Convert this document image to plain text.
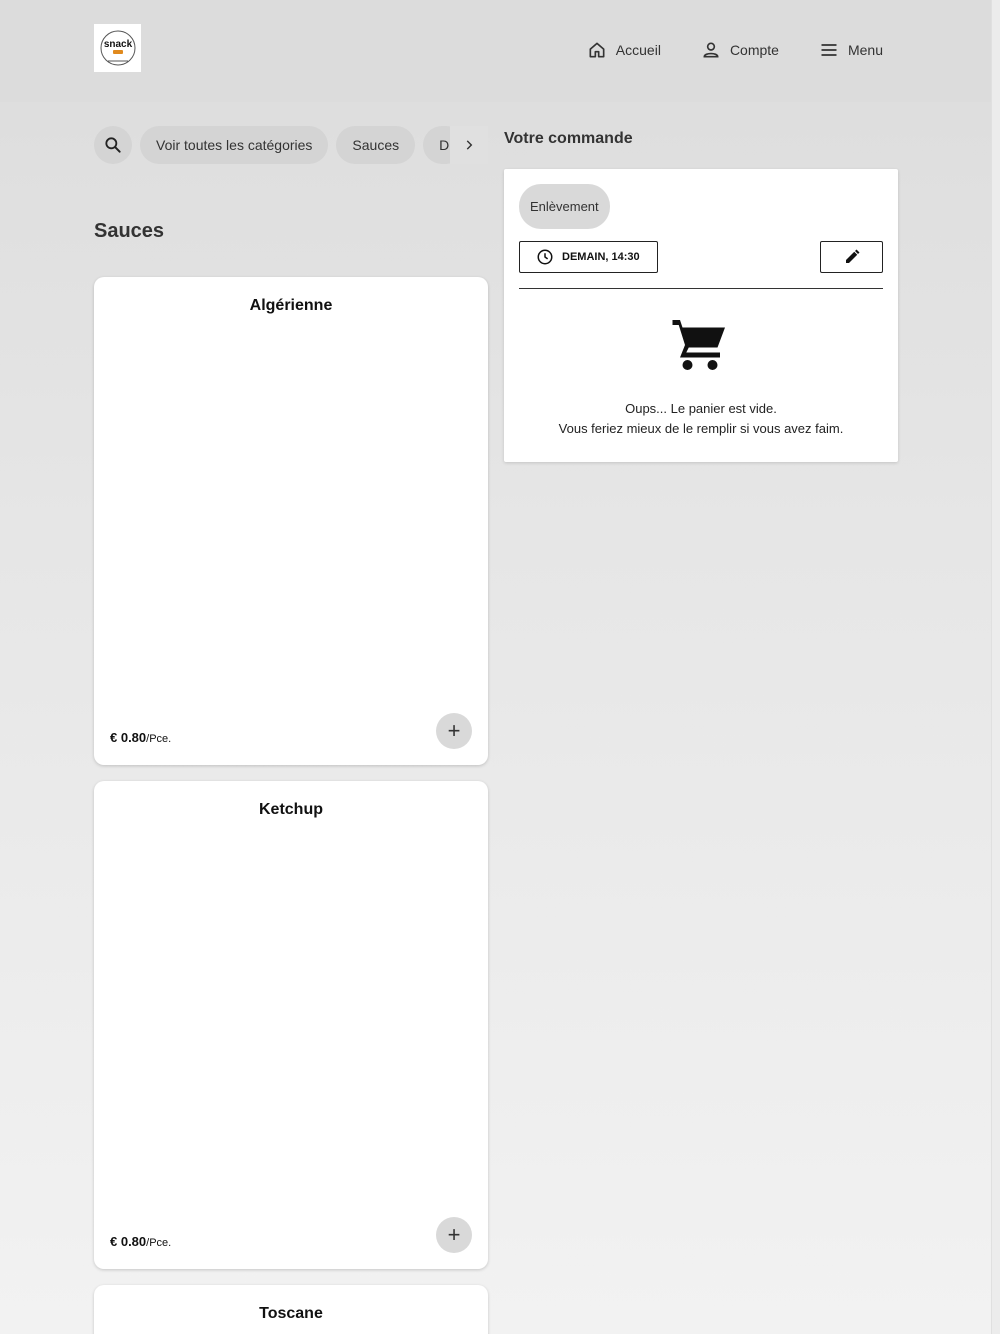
snack	Accueil	Compte	Menu
Voir toutes les catégories	Sauces	D
Sauces
Algérienne
€ 0.80/Pce.	+
Ketchup
€ 0.80/Pce.	+
Toscane
Votre commande
Enlèvement
DEMAIN, 14:30
Oups... Le panier est vide.
Vous feriez mieux de le remplir si vous avez faim.
